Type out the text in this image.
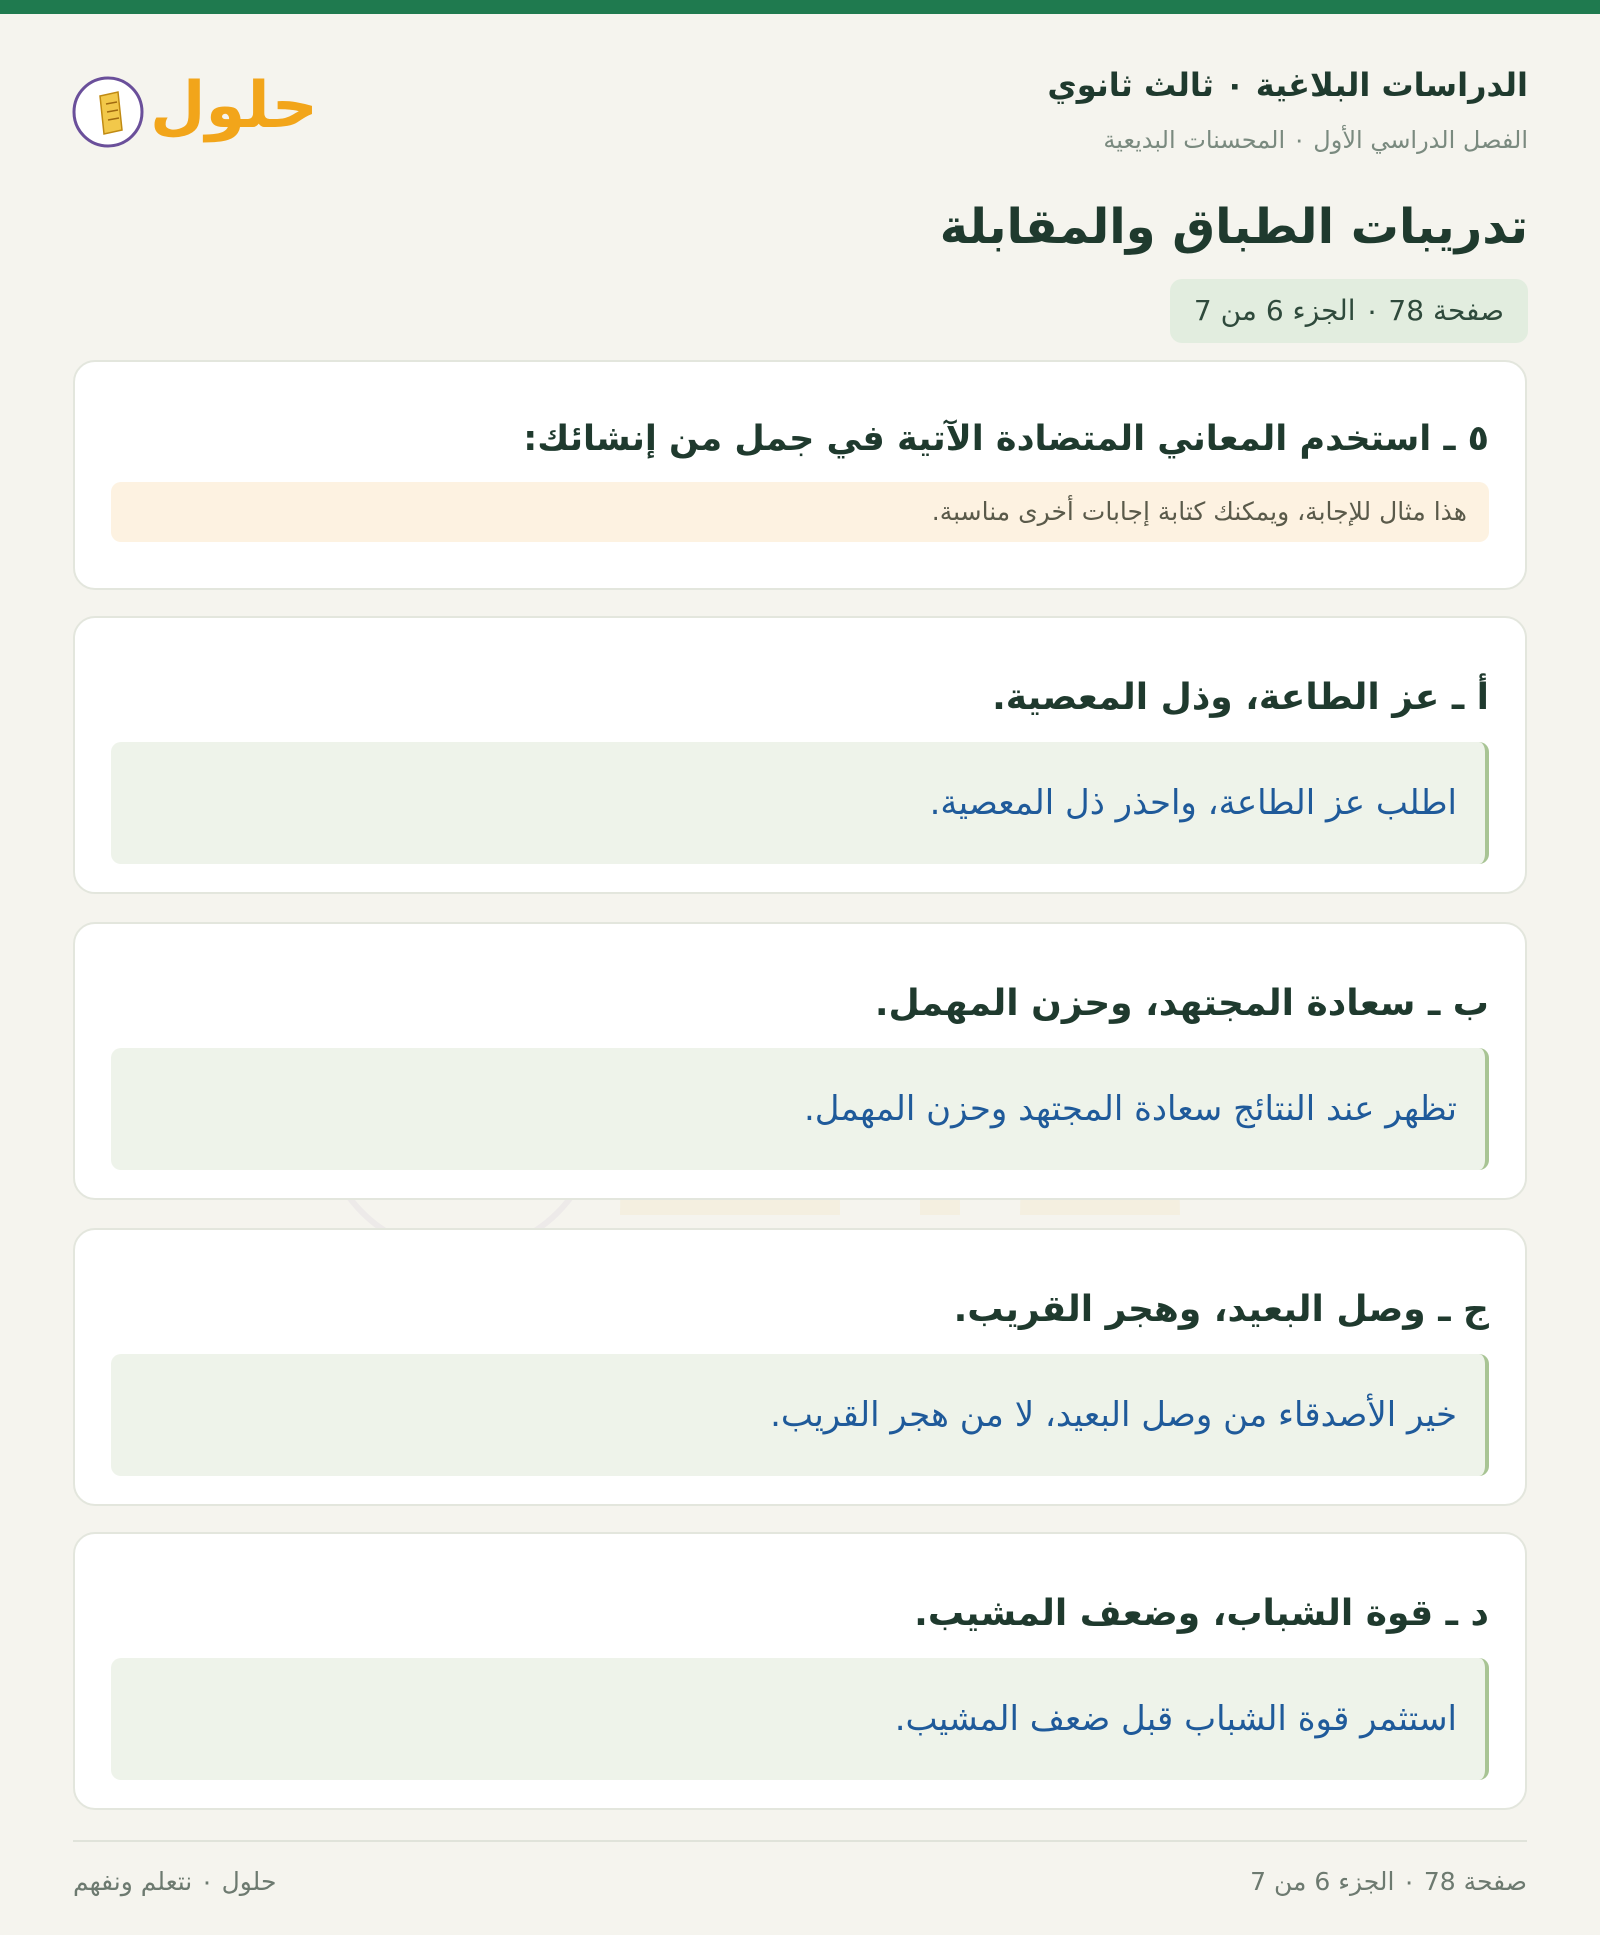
الدراسات البلاغية ٠ ثالث ثانوي
الفصل الدراسي الأول ٠ المحسنات البديعية
تدريبات الطباق والمقابلة
صفحة 78 ٠ الجزء 6 من 7
حلول
٥ ـ استخدم المعاني المتضادة الآتية في جمل من إنشائك:
هذا مثال للإجابة، ويمكنك كتابة إجابات أخرى مناسبة.
أ ـ عز الطاعة، وذل المعصية.
اطلب عز الطاعة، واحذر ذل المعصية.
ب ـ سعادة المجتهد، وحزن المهمل.
تظهر عند النتائج سعادة المجتهد وحزن المهمل.
ج ـ وصل البعيد، وهجر القريب.
خير الأصدقاء من وصل البعيد، لا من هجر القريب.
د ـ قوة الشباب، وضعف المشيب.
استثمر قوة الشباب قبل ضعف المشيب.
حلول ٠ نتعلم ونفهم	صفحة 78 ٠ الجزء 6 من 7
